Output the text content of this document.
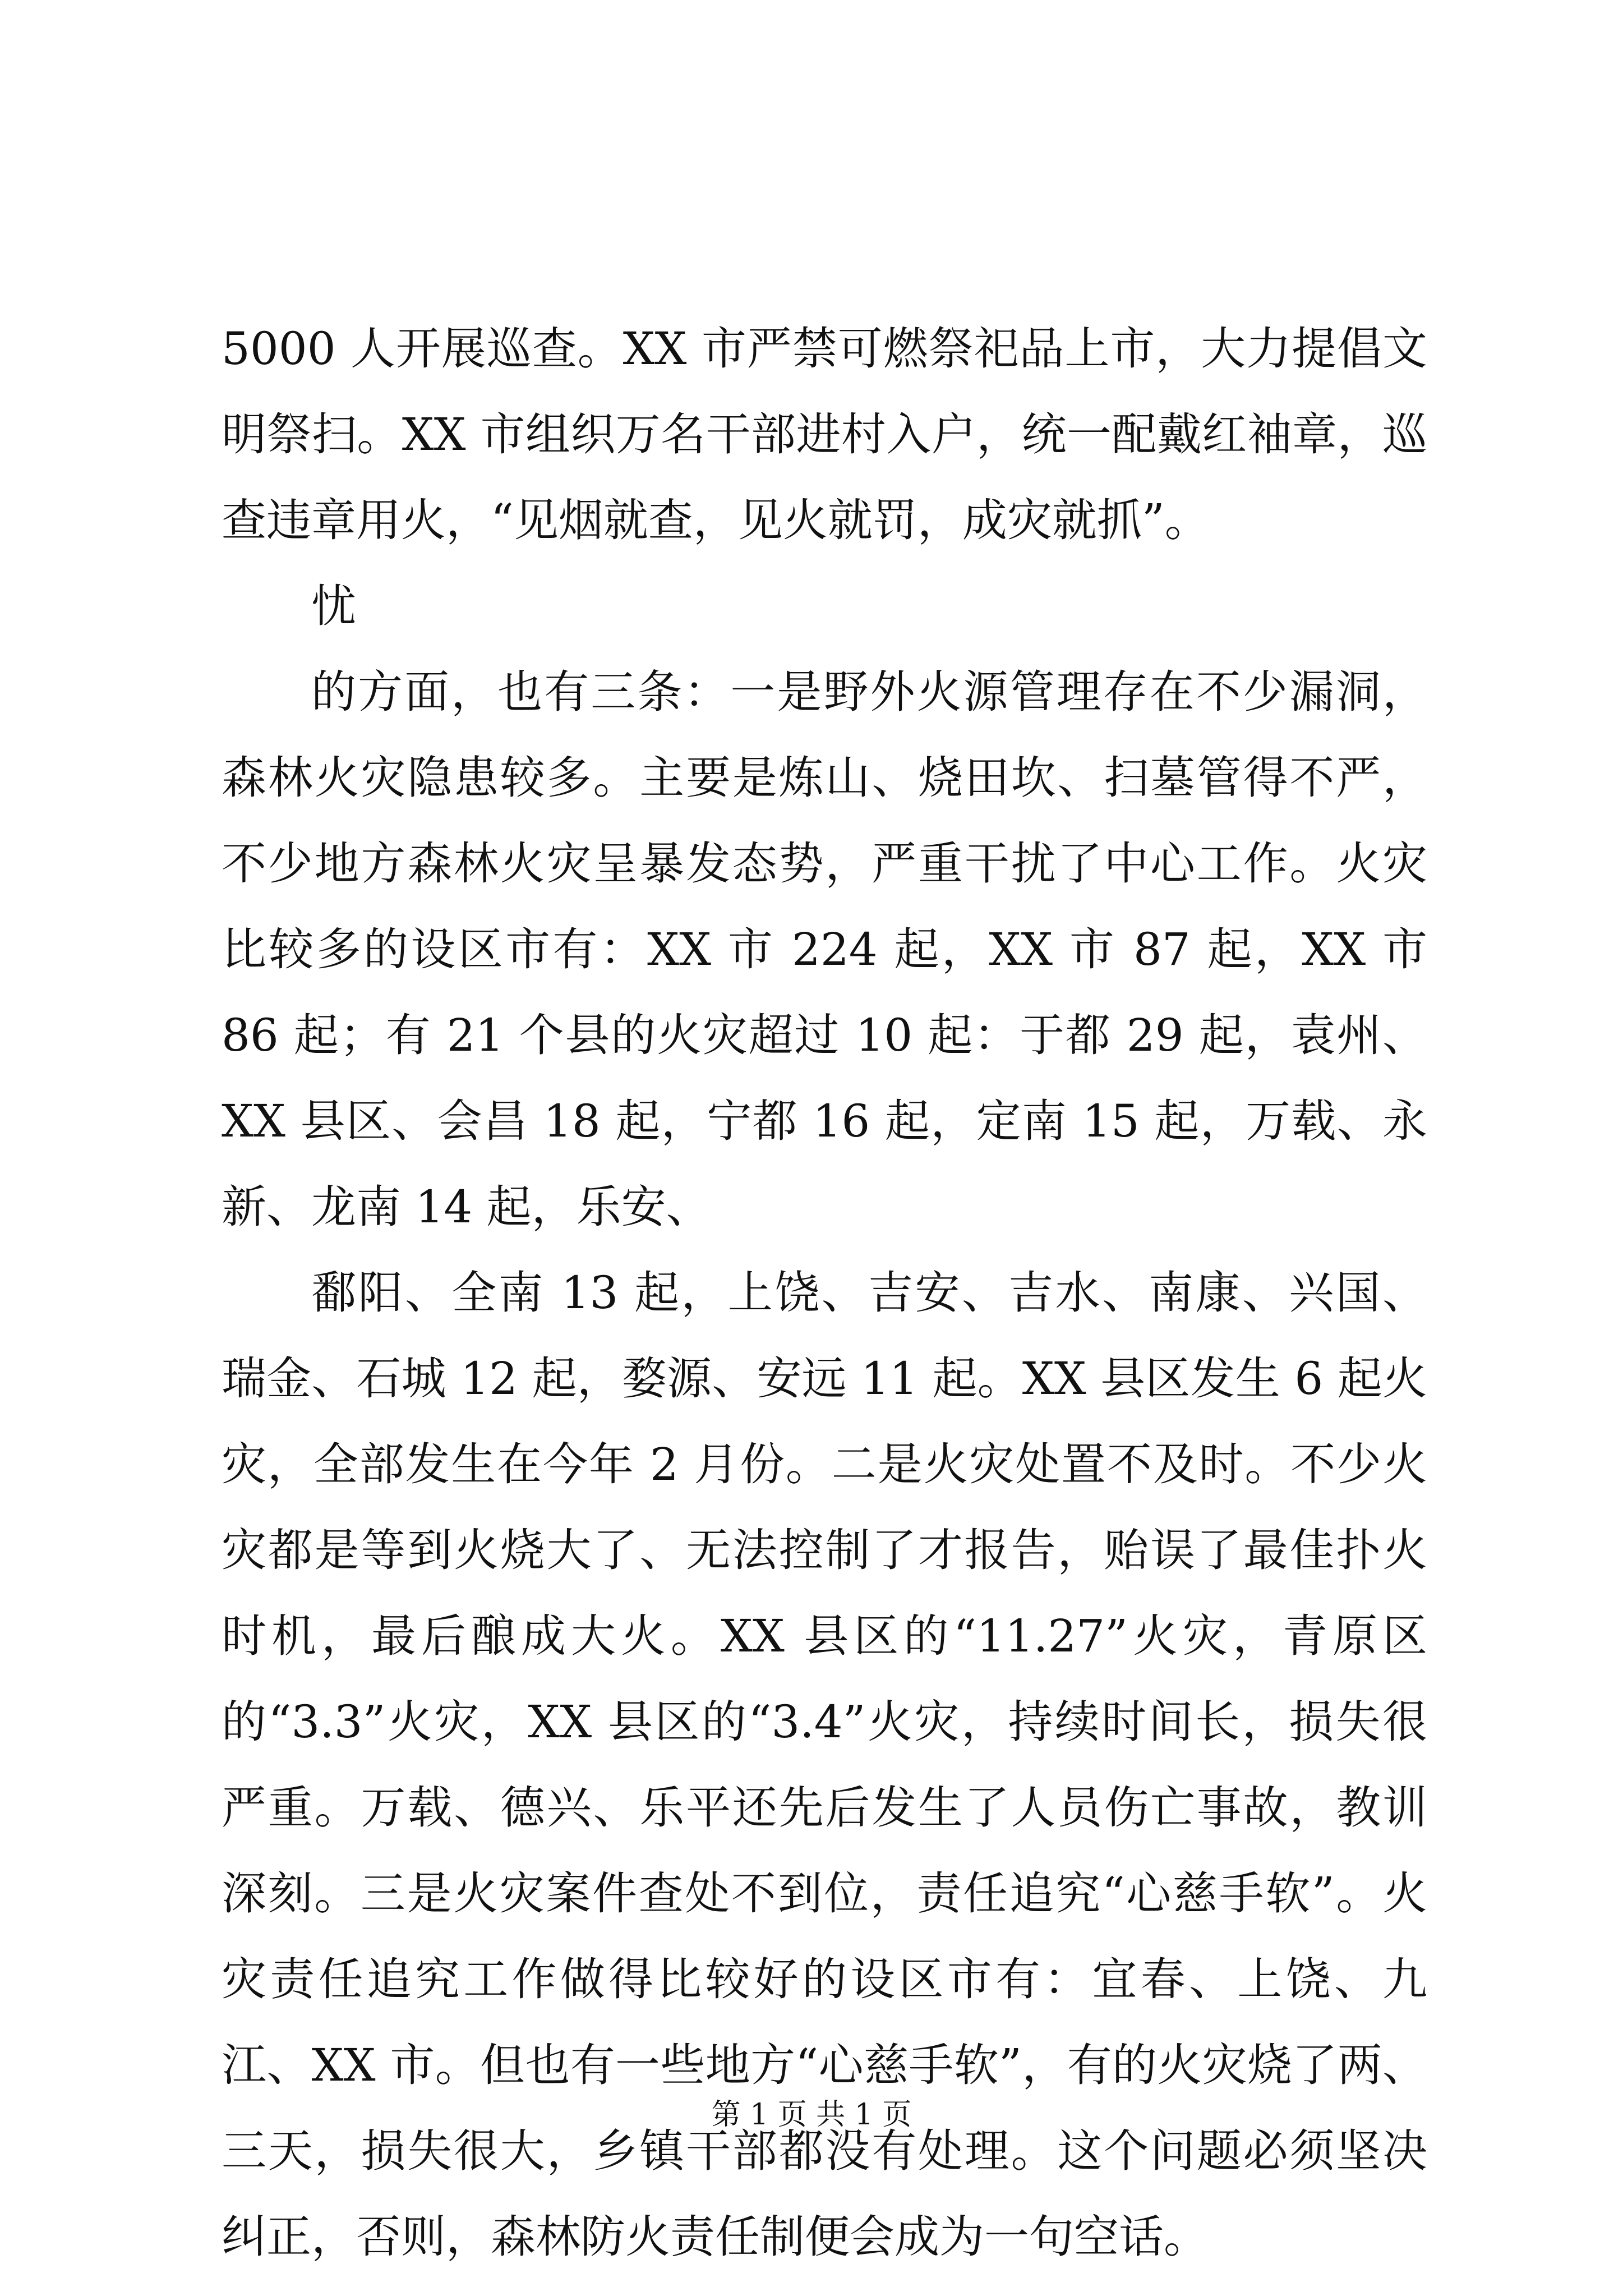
5000 人开展巡查。XX 市严禁可燃祭祀品上市，大力提倡文明祭扫。XX 市组织万名干部进村入户，统一配戴红袖章，巡查违章用火，“见烟就查，见火就罚，成灾就抓”。

忧

的方面，也有三条：一是野外火源管理存在不少漏洞，森林火灾隐患较多。主要是炼山、烧田坎、扫墓管得不严，不少地方森林火灾呈暴发态势，严重干扰了中心工作。火灾比较多的设区市有：XX 市 224 起，XX 市 87 起，XX 市 86 起；有 21 个县的火灾超过 10 起：于都 29 起，袁州、XX 县区、会昌 18 起，宁都 16 起，定南 15 起，万载、永新、龙南 14 起，乐安、

鄱阳、全南 13 起，上饶、吉安、吉水、南康、兴国、瑞金、石城 12 起，婺源、安远 11 起。XX 县区发生 6 起火灾，全部发生在今年 2 月份。二是火灾处置不及时。不少火灾都是等到火烧大了、无法控制了才报告，贻误了最佳扑火时机，最后酿成大火。XX 县区的“11.27”火灾，青原区的“3.3”火灾，XX 县区的“3.4”火灾，持续时间长，损失很严重。万载、德兴、乐平还先后发生了人员伤亡事故，教训深刻。三是火灾案件查处不到位，责任追究“心慈手软”。火灾责任追究工作做得比较好的设区市有：宜春、上饶、九江、XX 市。但也有一些地方“心慈手软”，有的火灾烧了两、三天，损失很大，乡镇干部都没有处理。这个问题必须坚决纠正，否则，森林防火责任制便会成为一句空话。

第 1 页 共 1 页
